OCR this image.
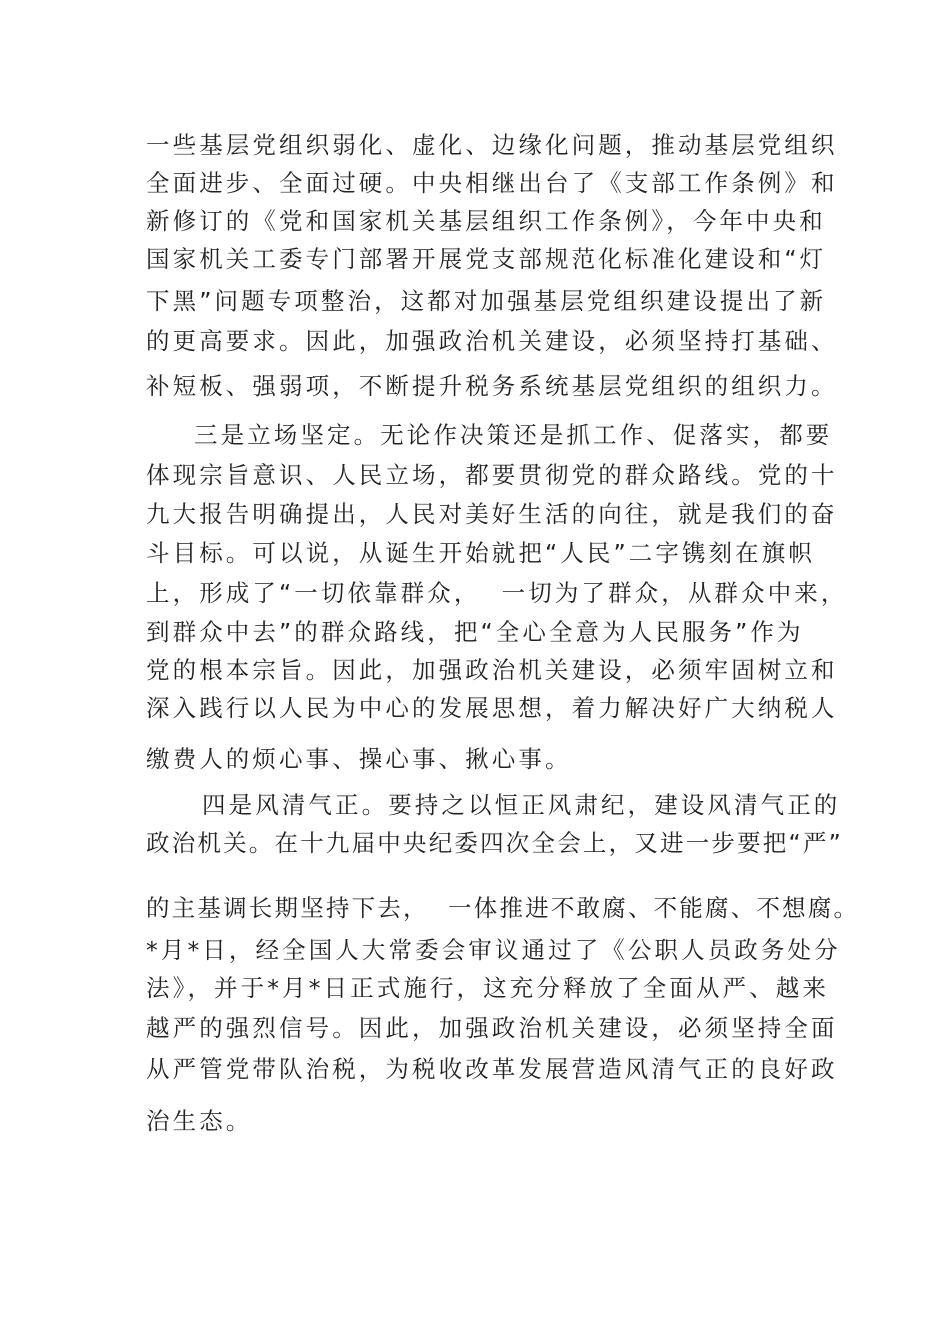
一些基层党组织弱化、虚化、边缘化问题，推动基层党组织
全面进步、全面过硬。中央相继出台了《支部工作条例》和
新修订的《党和国家机关基层组织工作条例》，今年中央和
国家机关工委专门部署开展党支部规范化标准化建设和“灯
下黑”问题专项整治，这都对加强基层党组织建设提出了新
的更高要求。因此，加强政治机关建设，必须坚持打基础、
补短板、强弱项，不断提升税务系统基层党组织的组织力。
三是立场坚定。无论作决策还是抓工作、促落实，都要
体现宗旨意识、人民立场，都要贯彻党的群众路线。党的十
九大报告明确提出，人民对美好生活的向往，就是我们的奋
斗目标。可以说，从诞生开始就把“人民”二字镌刻在旗帜
上，形成了“一切依靠群众，  一切为了群众，从群众中来，
到群众中去”的群众路线，把“全心全意为人民服务”作为
党的根本宗旨。因此，加强政治机关建设，必须牢固树立和
深入践行以人民为中心的发展思想，着力解决好广大纳税人
缴费人的烦心事、操心事、揪心事。
四是风清气正。要持之以恒正风肃纪，建设风清气正的
政治机关。在十九届中央纪委四次全会上，又进一步要把“严”
的主基调长期坚持下去，  一体推进不敢腐、不能腐、不想腐。
*月*日，经全国人大常委会审议通过了《公职人员政务处分
法》，并于*月*日正式施行，这充分释放了全面从严、越来
越严的强烈信号。因此，加强政治机关建设，必须坚持全面
从严管党带队治税，为税收改革发展营造风清气正的良好政
治生态。
